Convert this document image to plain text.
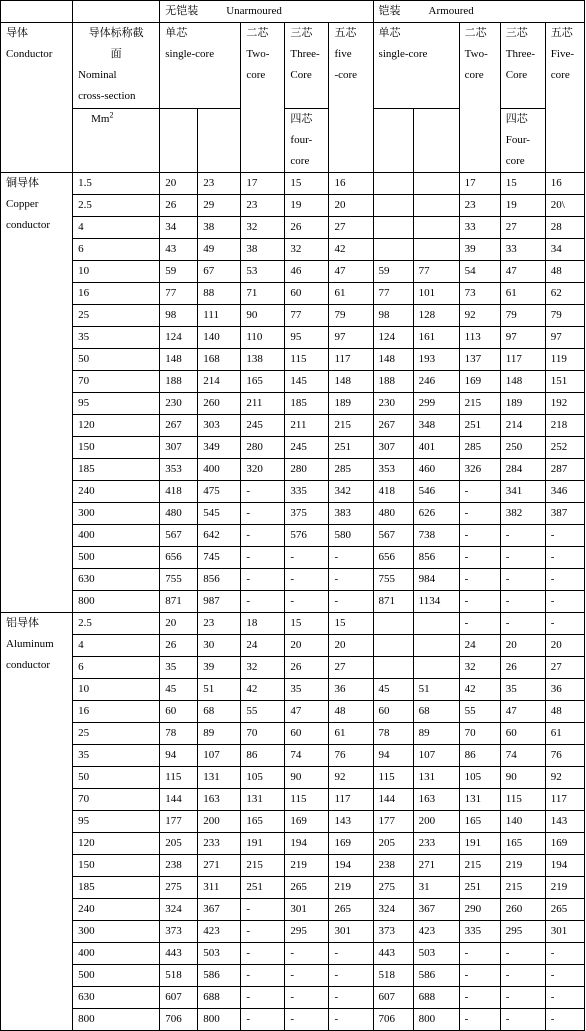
		无铠装 Unarmoured					铠装 Armoured				

导体
Conductor	导体标称截
面
Nominal
cross-section	单芯
single-core		二芯
Two-
core	三芯
Three-
Core	五芯
five
-core	单芯
single-core		二芯
Two-
core	三芯
Three-
Core	五芯
Five-
core

	Mm$^2$				四芯
four-
core					四芯
Four-
core	

铜导体
Copper
conductor	1.5	20	23	17	15	16			17	15	16
	2.5	26	29	23	19	20			23	19	20\
	4	34	38	32	26	27			33	27	28
	6	43	49	38	32	42			39	33	34
	10	59	67	53	46	47	59	77	54	47	48
	16	77	88	71	60	61	77	101	73	61	62
	25	98	111	90	77	79	98	128	92	79	79
	35	124	140	110	95	97	124	161	113	97	97
	50	148	168	138	115	117	148	193	137	117	119
	70	188	214	165	145	148	188	246	169	148	151
	95	230	260	211	185	189	230	299	215	189	192
	120	267	303	245	211	215	267	348	251	214	218
	150	307	349	280	245	251	307	401	285	250	252
	185	353	400	320	280	285	353	460	326	284	287
	240	418	475	-	335	342	418	546	-	341	346
	300	480	545	-	375	383	480	626	-	382	387
	400	567	642	-	576	580	567	738	-	-	-
	500	656	745	-	-	-	656	856	-	-	-
	630	755	856	-	-	-	755	984	-	-	-
	800	871	987	-	-	-	871	1134	-	-	-

铝导体
Aluminum
conductor	2.5	20	23	18	15	15			-	-	-
	4	26	30	24	20	20			24	20	20
	6	35	39	32	26	27			32	26	27
	10	45	51	42	35	36	45	51	42	35	36
	16	60	68	55	47	48	60	68	55	47	48
	25	78	89	70	60	61	78	89	70	60	61
	35	94	107	86	74	76	94	107	86	74	76
	50	115	131	105	90	92	115	131	105	90	92
	70	144	163	131	115	117	144	163	131	115	117
	95	177	200	165	169	143	177	200	165	140	143
	120	205	233	191	194	169	205	233	191	165	169
	150	238	271	215	219	194	238	271	215	219	194
	185	275	311	251	265	219	275	31	251	215	219
	240	324	367	-	301	265	324	367	290	260	265
	300	373	423	-	295	301	373	423	335	295	301
	400	443	503	-	-	-	443	503	-	-	-
	500	518	586	-	-	-	518	586	-	-	-
	630	607	688	-	-	-	607	688	-	-	-
	800	706	800	-	-	-	706	800	-	-	-
